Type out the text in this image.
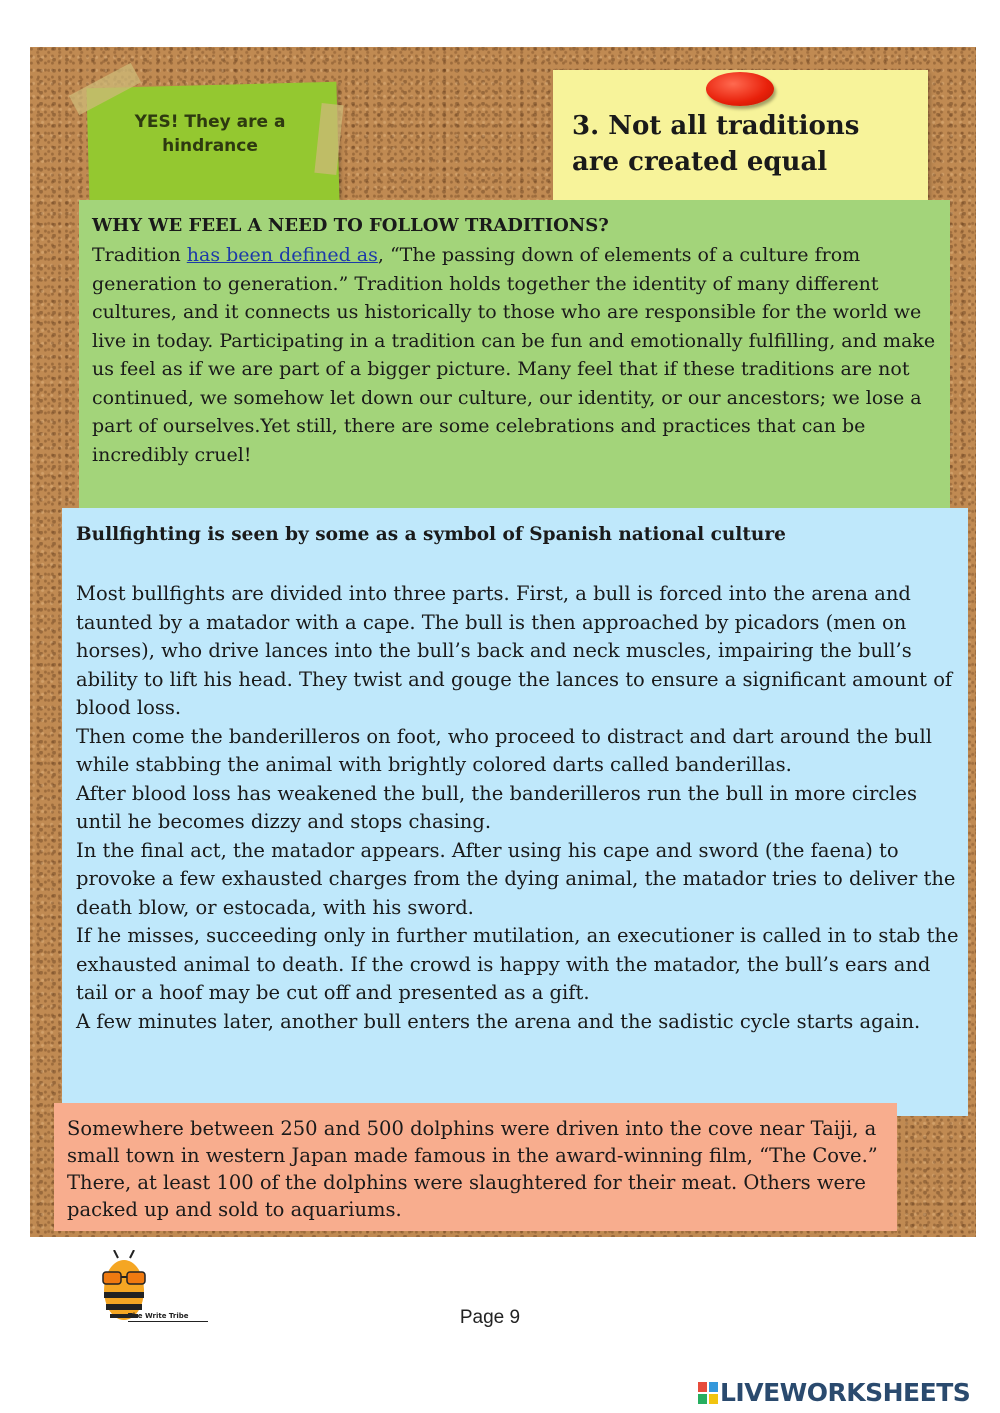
YES! They are a hindrance
3. Not all traditions are created equal
WHY WE FEEL A NEED TO FOLLOW TRADITIONS?
Tradition has been defined as, “The passing down of elements of a culture from generation to generation.” Tradition holds together the identity of many different cultures, and it connects us historically to those who are responsible for the world we live in today. Participating in a tradition can be fun and emotionally fulfilling, and make us feel as if we are part of a bigger picture. Many feel that if these traditions are not continued, we somehow let down our culture, our identity, or our ancestors; we lose a part of ourselves.Yet still, there are some celebrations and practices that can be incredibly cruel!
Bullfighting is seen by some as a symbol of Spanish national culture

Most bullfights are divided into three parts. First, a bull is forced into the arena and taunted by a matador with a cape. The bull is then approached by picadors (men on horses), who drive lances into the bull’s back and neck muscles, impairing the bull’s ability to lift his head. They twist and gouge the lances to ensure a significant amount of blood loss.

Then come the banderilleros on foot, who proceed to distract and dart around the bull while stabbing the animal with brightly colored darts called banderillas.

After blood loss has weakened the bull, the banderilleros run the bull in more circles until he becomes dizzy and stops chasing.

In the final act, the matador appears. After using his cape and sword (the faena) to provoke a few exhausted charges from the dying animal, the matador tries to deliver the death blow, or estocada, with his sword.

If he misses, succeeding only in further mutilation, an executioner is called in to stab the exhausted animal to death. If the crowd is happy with the matador, the bull’s ears and tail or a hoof may be cut off and presented as a gift.

A few minutes later, another bull enters the arena and the sadistic cycle starts again.

Somewhere between 250 and 500 dolphins were driven into the cove near Taiji, a small town in western Japan made famous in the award-winning film, “The Cove.” There, at least 100 of the dolphins were slaughtered for their meat. Others were packed up and sold to aquariums.
The Write Tribe	Page 9
LIVEWORKSHEETS
